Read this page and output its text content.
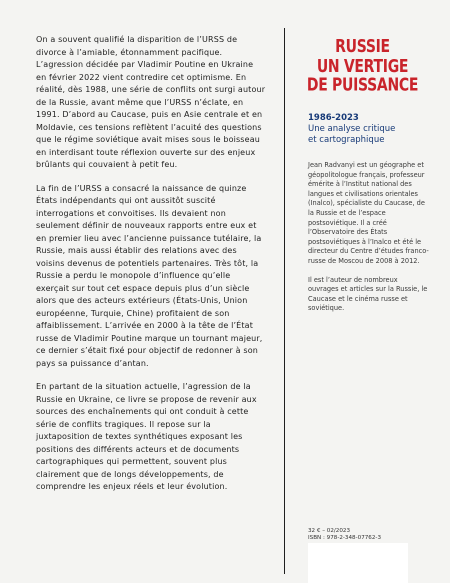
On a souvent qualifié la disparition de l’URSS de divorce à l’amiable, étonnamment pacifique. L’agression décidée par Vladimir Poutine en Ukraine en février 2022 vient contredire cet optimisme. En réalité, dès 1988, une série de conflits ont surgi autour de la Russie, avant même que l’URSS n’éclate, en 1991. D’abord au Caucase, puis en Asie centrale et en Moldavie, ces tensions reflètent l’acuité des questions que le régime soviétique avait mises sous le boisseau en interdisant toute réflexion ouverte sur des enjeux brûlants qui couvaient à petit feu.

La fin de l’URSS a consacré la naissance de quinze États indépendants qui ont aussitôt suscité interrogations et convoitises. Ils devaient non seulement définir de nouveaux rapports entre eux et en premier lieu avec l’ancienne puissance tutélaire, la Russie, mais aussi établir des relations avec des voisins devenus de potentiels partenaires. Très tôt, la Russie a perdu le monopole d’influence qu’elle exerçait sur tout cet espace depuis plus d’un siècle alors que des acteurs extérieurs (États-Unis, Union européenne, Turquie, Chine) profitaient de son affaiblissement. L’arrivée en 2000 à la tête de l’État russe de Vladimir Poutine marque un tournant majeur, ce dernier s’était fixé pour objectif de redonner à son pays sa puissance d’antan.

En partant de la situation actuelle, l’agression de la Russie en Ukraine, ce livre se propose de revenir aux sources des enchaînements qui ont conduit à cette série de conflits tragiques. Il repose sur la juxtaposition de textes synthétiques exposant les positions des différents acteurs et de documents cartographiques qui permettent, souvent plus clairement que de longs développements, de comprendre les enjeux réels et leur évolution.

RUSSIE
UN VERTIGE
DE PUISSANCE
1986-2023
Une analyse critique
et cartographique

Jean Radvanyi est un géographe et géopolitologue français, professeur émérite à l’Institut national des langues et civilisations orientales (Inalco), spécialiste du Caucase, de la Russie et de l’espace postsoviétique. Il a créé l’Observatoire des États postsoviétiques à l’Inalco et été le directeur du Centre d’études franco-russe de Moscou de 2008 à 2012.

Il est l’auteur de nombreux ouvrages et articles sur la Russie, le Caucase et le cinéma russe et soviétique.

32 € – 02/2023
ISBN : 978-2-348-07762-3
